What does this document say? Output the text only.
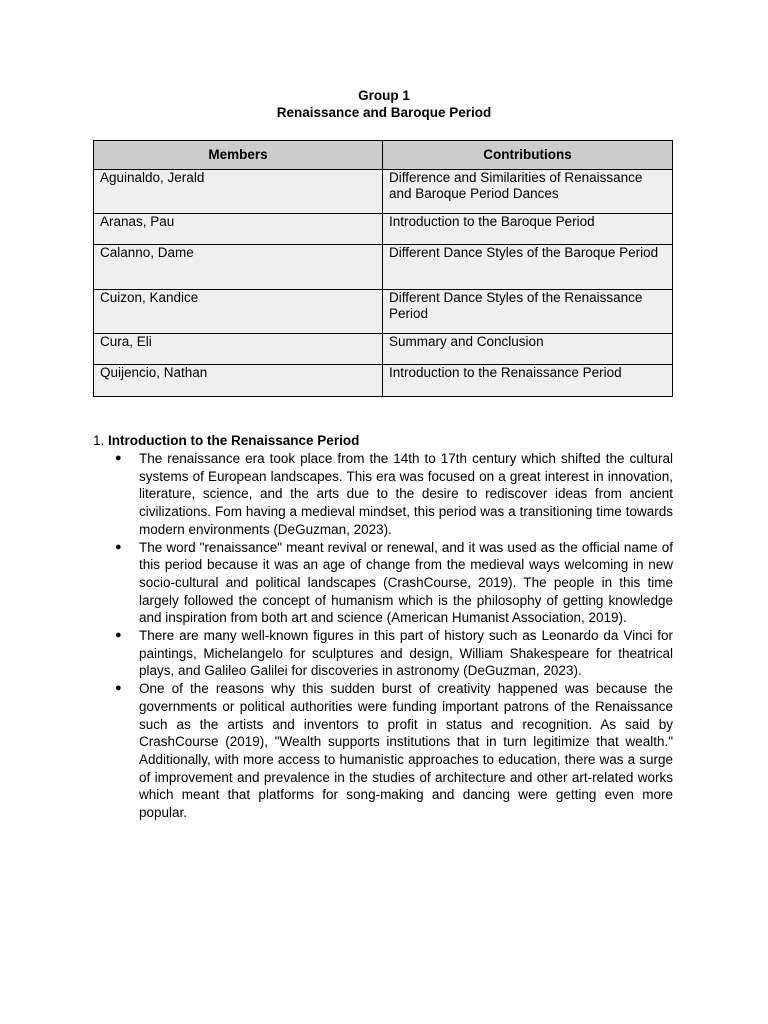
Group 1
Renaissance and Baroque Period
Members	Contributions
Aguinaldo, Jerald	Difference and Similarities of Renaissance and Baroque Period Dances
Aranas, Pau	Introduction to the Baroque Period
Calanno, Dame	Different Dance Styles of the Baroque Period
Cuizon, Kandice	Different Dance Styles of the Renaissance Period
Cura, Eli	Summary and Conclusion
Quijencio, Nathan	Introduction to the Renaissance Period
1. Introduction to the Renaissance Period
● The renaissance era took place from the 14th to 17th century which shifted the cultural systems of European landscapes. This era was focused on a great interest in innovation, literature, science, and the arts due to the desire to rediscover ideas from ancient civilizations. Fom having a medieval mindset, this period was a transitioning time towards modern environments (DeGuzman, 2023).
● The word "renaissance" meant revival or renewal, and it was used as the official name of this period because it was an age of change from the medieval ways welcoming in new socio-cultural and political landscapes (CrashCourse, 2019). The people in this time largely followed the concept of humanism which is the philosophy of getting knowledge and inspiration from both art and science (American Humanist Association, 2019).
● There are many well-known figures in this part of history such as Leonardo da Vinci for paintings, Michelangelo for sculptures and design, William Shakespeare for theatrical plays, and Galileo Galilei for discoveries in astronomy (DeGuzman, 2023).
● One of the reasons why this sudden burst of creativity happened was because the governments or political authorities were funding important patrons of the Renaissance such as the artists and inventors to profit in status and recognition. As said by CrashCourse (2019), "Wealth supports institutions that in turn legitimize that wealth." Additionally, with more access to humanistic approaches to education, there was a surge of improvement and prevalence in the studies of architecture and other art-related works which meant that platforms for song-making and dancing were getting even more popular.
